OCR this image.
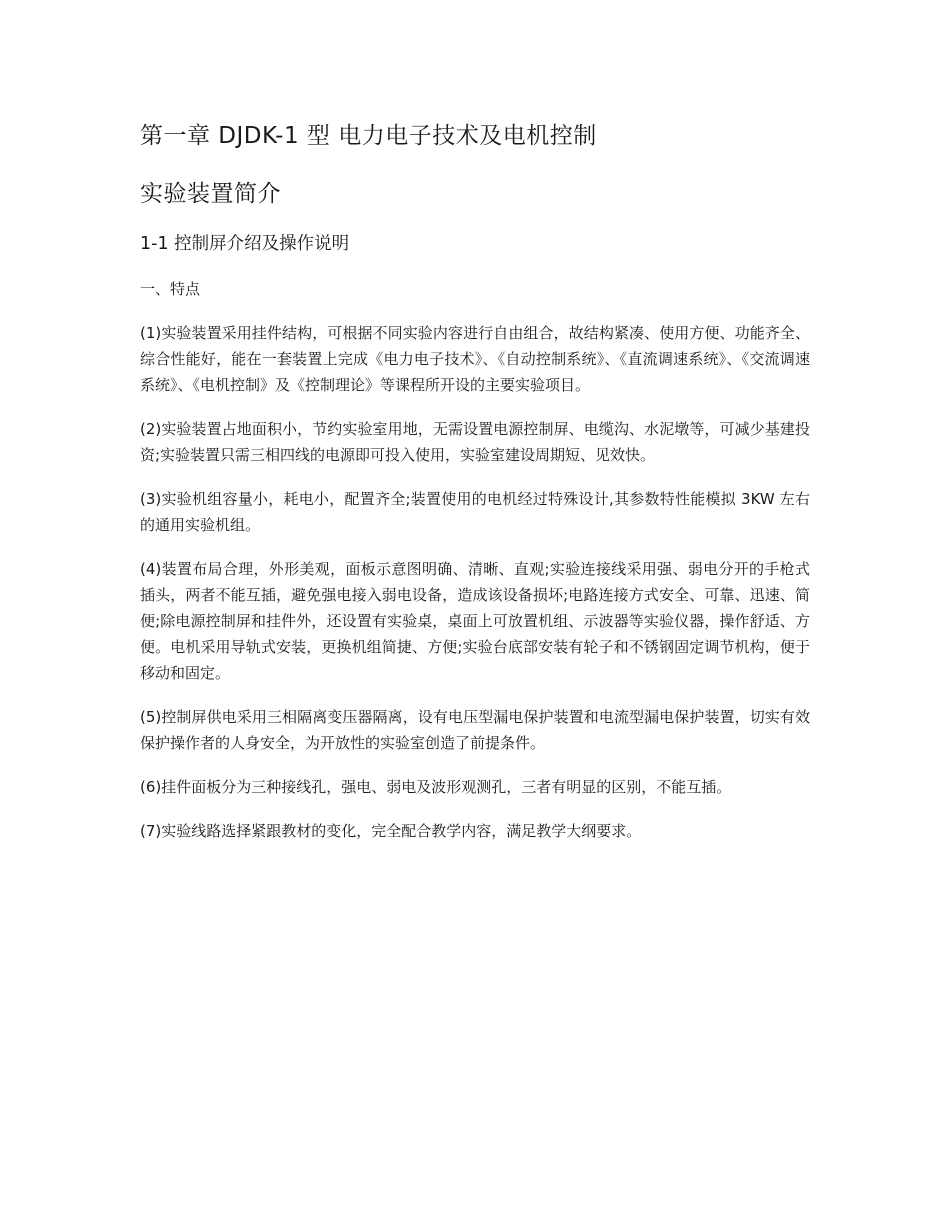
第一章 DJDK-1 型 电力电子技术及电机控制
实验装置简介
1-1 控制屏介绍及操作说明
一、特点

(1)实验装置采用挂件结构，可根据不同实验内容进行自由组合，故结构紧凑、使用方便、功能齐全、综合性能好，能在一套装置上完成《电力电子技术》、《自动控制系统》、《直流调速系统》、《交流调速系统》、《电机控制》及《控制理论》等课程所开设的主要实验项目。

(2)实验装置占地面积小，节约实验室用地，无需设置电源控制屏、电缆沟、水泥墩等，可减少基建投资;实验装置只需三相四线的电源即可投入使用，实验室建设周期短、见效快。

(3)实验机组容量小，耗电小，配置齐全;装置使用的电机经过特殊设计,其参数特性能模拟 3KW 左右的通用实验机组。

(4)装置布局合理，外形美观，面板示意图明确、清晰、直观;实验连接线采用强、弱电分开的手枪式插头，两者不能互插，避免强电接入弱电设备，造成该设备损坏;电路连接方式安全、可靠、迅速、简便;除电源控制屏和挂件外，还设置有实验桌，桌面上可放置机组、示波器等实验仪器，操作舒适、方便。电机采用导轨式安装，更换机组简捷、方便;实验台底部安装有轮子和不锈钢固定调节机构，便于移动和固定。

(5)控制屏供电采用三相隔离变压器隔离，设有电压型漏电保护装置和电流型漏电保护装置，切实有效保护操作者的人身安全，为开放性的实验室创造了前提条件。

(6)挂件面板分为三种接线孔，强电、弱电及波形观测孔，三者有明显的区别，不能互插。

(7)实验线路选择紧跟教材的变化，完全配合教学内容，满足教学大纲要求。
